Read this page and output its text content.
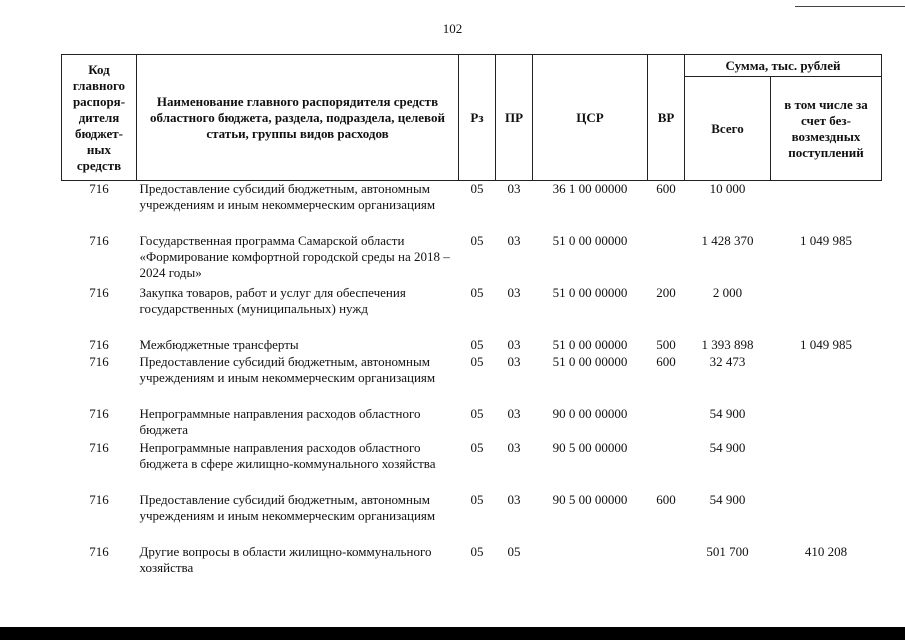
102
Код главного распоря-дителя бюджет-ных средств	Наименование главного распорядителя средств областного бюджета, раздела, подраздела, целевой статьи, группы видов расходов	Рз	ПР	ЦСР	ВР	Сумма, тыс. рублей	
						Всего	в том числе за счет без-возмездных поступлений
716	Предоставление субсидий бюджетным, автономным учреждениям и иным некоммерческим организациям	05	03	36 1 00 00000	600	10 000	
716	Государственная программа Самарской области «Формирование комфортной городской среды на 2018 – 2024 годы»	05	03	51 0 00 00000		1 428 370	1 049 985
716	Закупка товаров, работ и услуг для обеспечения государственных (муниципальных) нужд	05	03	51 0 00 00000	200	2 000	
716	Межбюджетные трансферты	05	03	51 0 00 00000	500	1 393 898	1 049 985
716	Предоставление субсидий бюджетным, автономным учреждениям и иным некоммерческим организациям	05	03	51 0 00 00000	600	32 473	
716	Непрограммные направления расходов областного бюджета	05	03	90 0 00 00000		54 900	
716	Непрограммные направления расходов областного бюджета в сфере жилищно-коммунального хозяйства	05	03	90 5 00 00000		54 900	
716	Предоставление субсидий бюджетным, автономным учреждениям и иным некоммерческим организациям	05	03	90 5 00 00000	600	54 900	
716	Другие вопросы в области жилищно-коммунального хозяйства	05	05			501 700	410 208
